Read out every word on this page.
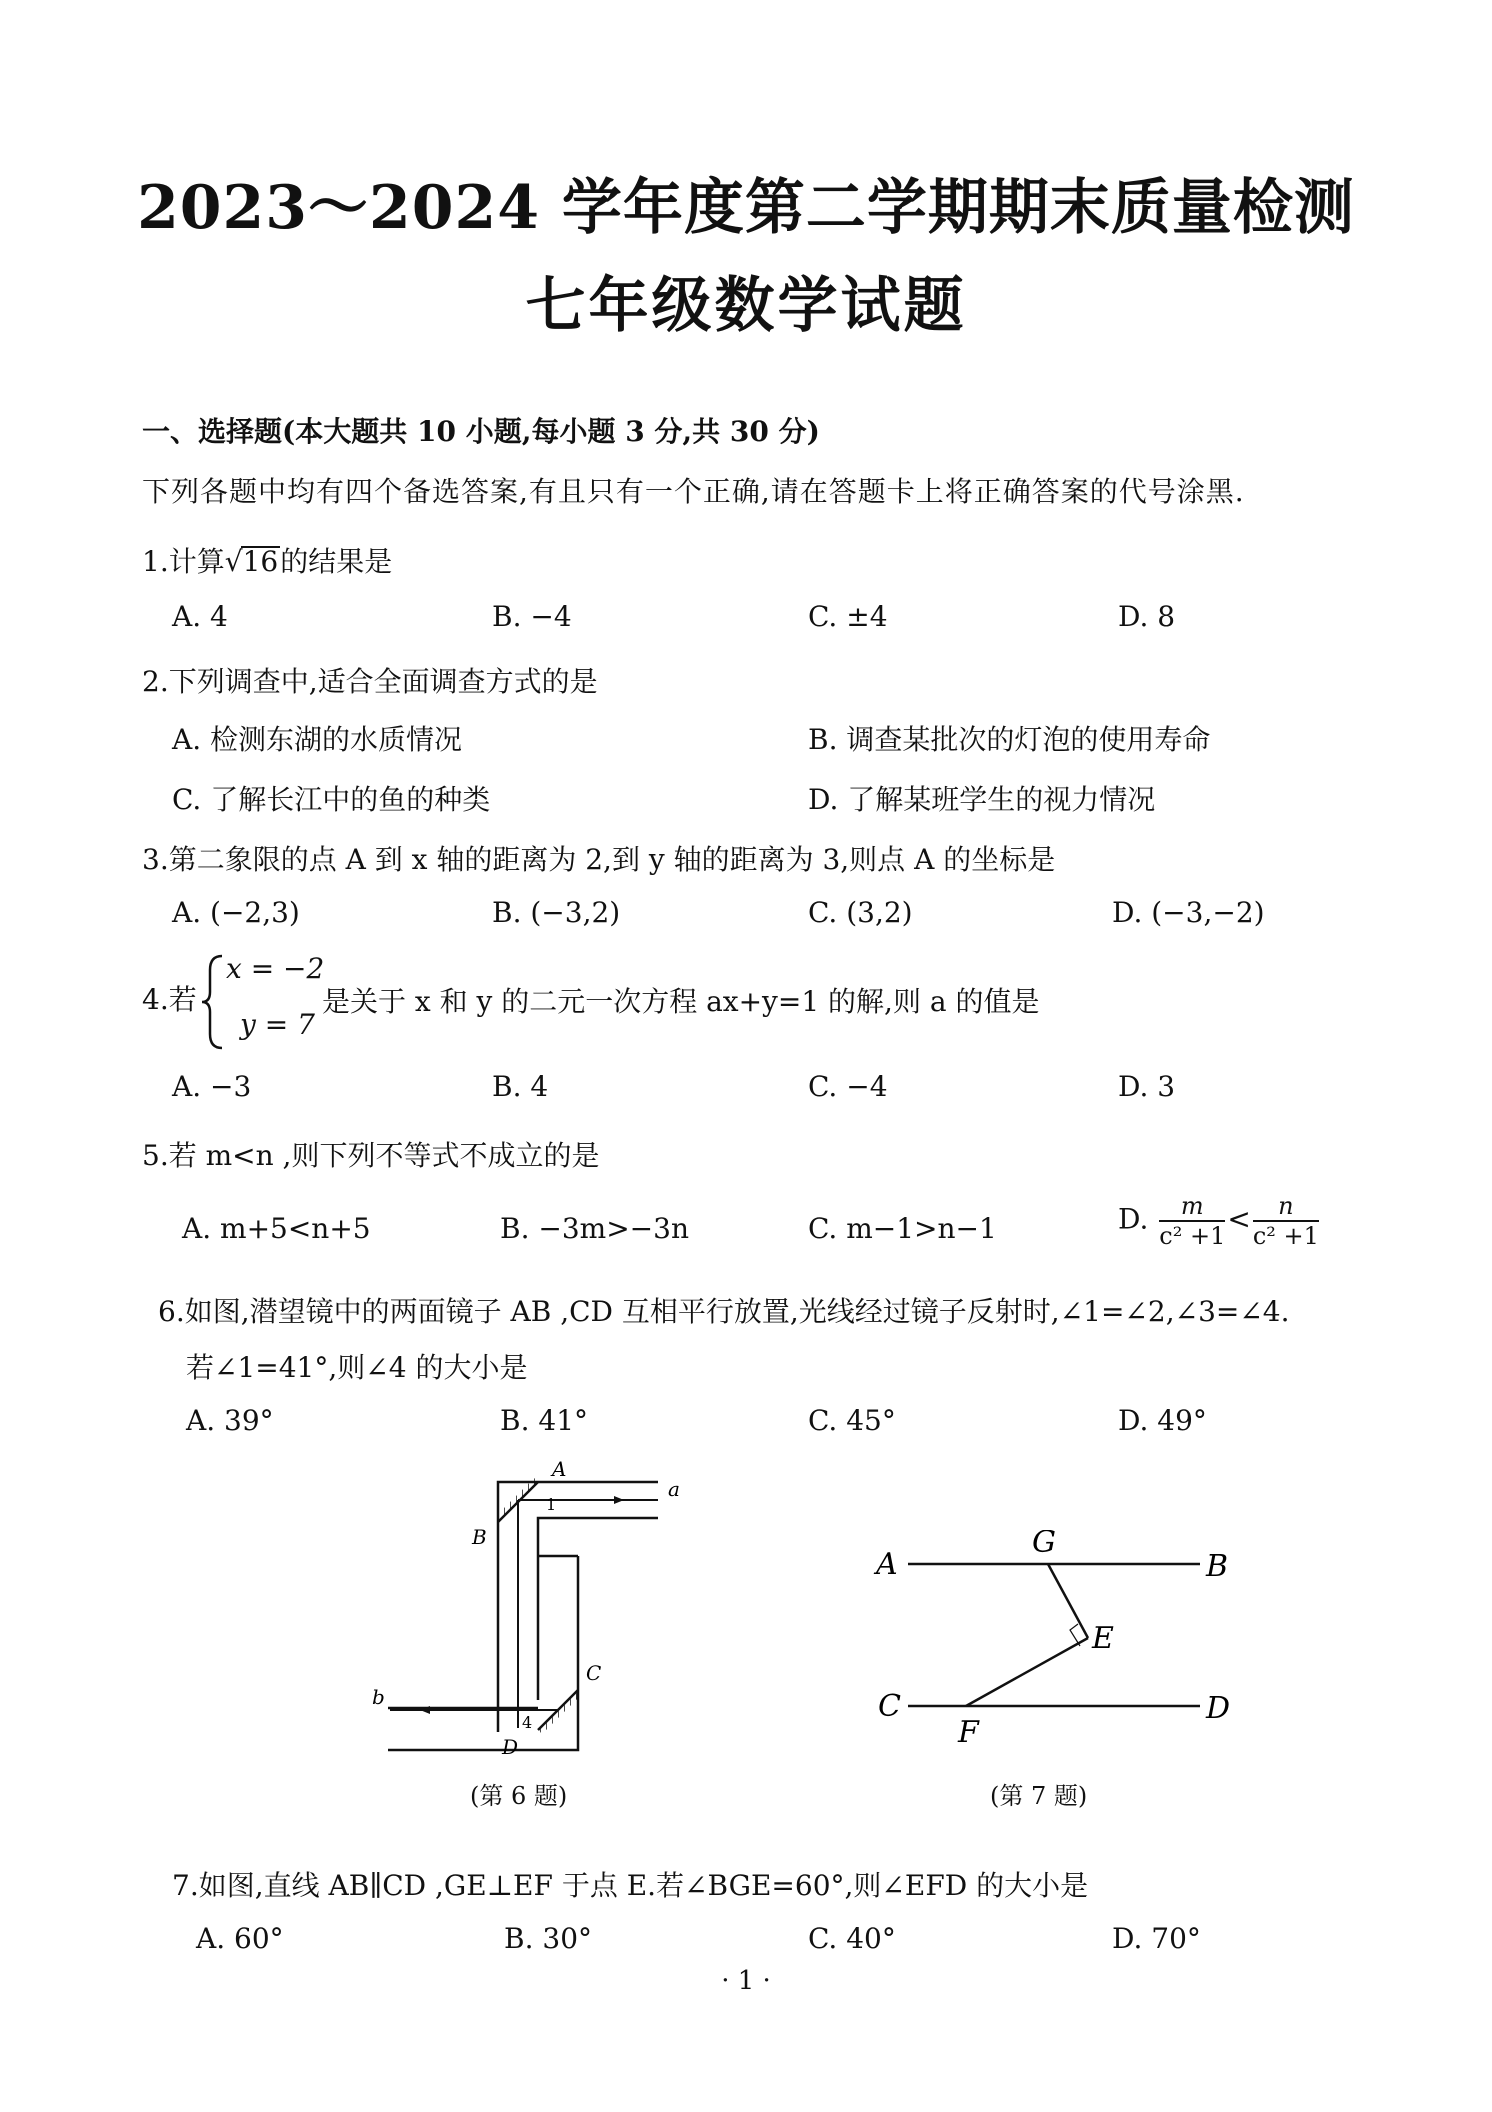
2023～2024 学年度第二学期期末质量检测
七年级数学试题
一、选择题(本大题共 10 小题,每小题 3 分,共 30 分)
下列各题中均有四个备选答案,有且只有一个正确,请在答题卡上将正确答案的代号涂黑.
1.计算√16的结果是
A. 4	B. −4	C. ±4	D. 8
2.下列调查中,适合全面调查方式的是
A. 检测东湖的水质情况	B. 调查某批次的灯泡的使用寿命
C. 了解长江中的鱼的种类	D. 了解某班学生的视力情况
3.第二象限的点 A 到 x 轴的距离为 2,到 y 轴的距离为 3,则点 A 的坐标是
A. (−2,3)	B. (−3,2)	C. (3,2)	D. (−3,−2)
4.若
x = −2
y = 7
是关于 x 和 y 的二元一次方程 ax+y=1 的解,则 a 的值是
A. −3	B. 4	C. −4	D. 3
5.若 m<n ,则下列不等式不成立的是
A. m+5<n+5	B. −3m>−3n	C. m−1>n−1	D. $\frac{m}{\text{c² +1}} < \frac{n}{\text{c² +1}}$
6.如图,潜望镜中的两面镜子 AB ,CD 互相平行放置,光线经过镜子反射时,∠1=∠2,∠3=∠4.
若∠1=41°,则∠4 的大小是
A. 39°	B. 41°	C. 45°	D. 49°
A
a
1
B
C
b
4
D
(第 6 题)
A
G
B
E
C
F
D
(第 7 题)
7.如图,直线 AB∥CD ,GE⊥EF 于点 E.若∠BGE=60°,则∠EFD 的大小是
A. 60°	B. 30°	C. 40°	D. 70°
· 1 ·
